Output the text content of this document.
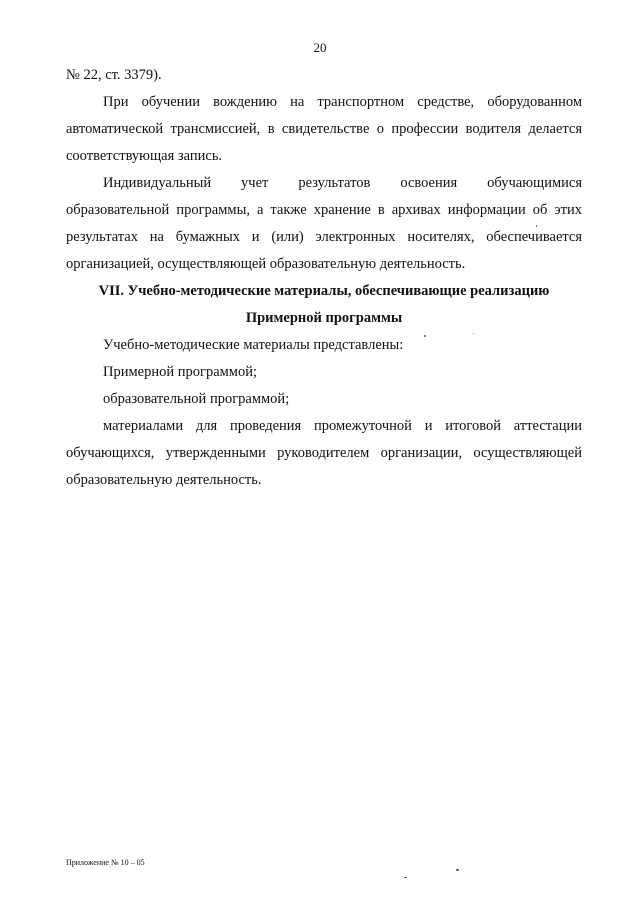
20

№ 22, ст. 3379).

При обучении вождению на транспортном средстве, оборудованном автоматической трансмиссией, в свидетельстве о профессии водителя делается соответствующая запись.

Индивидуальный учет результатов освоения обучающимися образовательной программы, а также хранение в архивах информации об этих результатах на бумажных и (или) электронных носителях, обеспечивается организацией, осуществляющей образовательную деятельность.

VII. Учебно-методические материалы, обеспечивающие реализацию

Примерной программы

Учебно-методические материалы представлены:

Примерной программой;

образовательной программой;

материалами для проведения промежуточной и итоговой аттестации обучающихся, утвержденными руководителем организации, осуществляющей образовательную деятельность.

Приложение № 10 – 05
